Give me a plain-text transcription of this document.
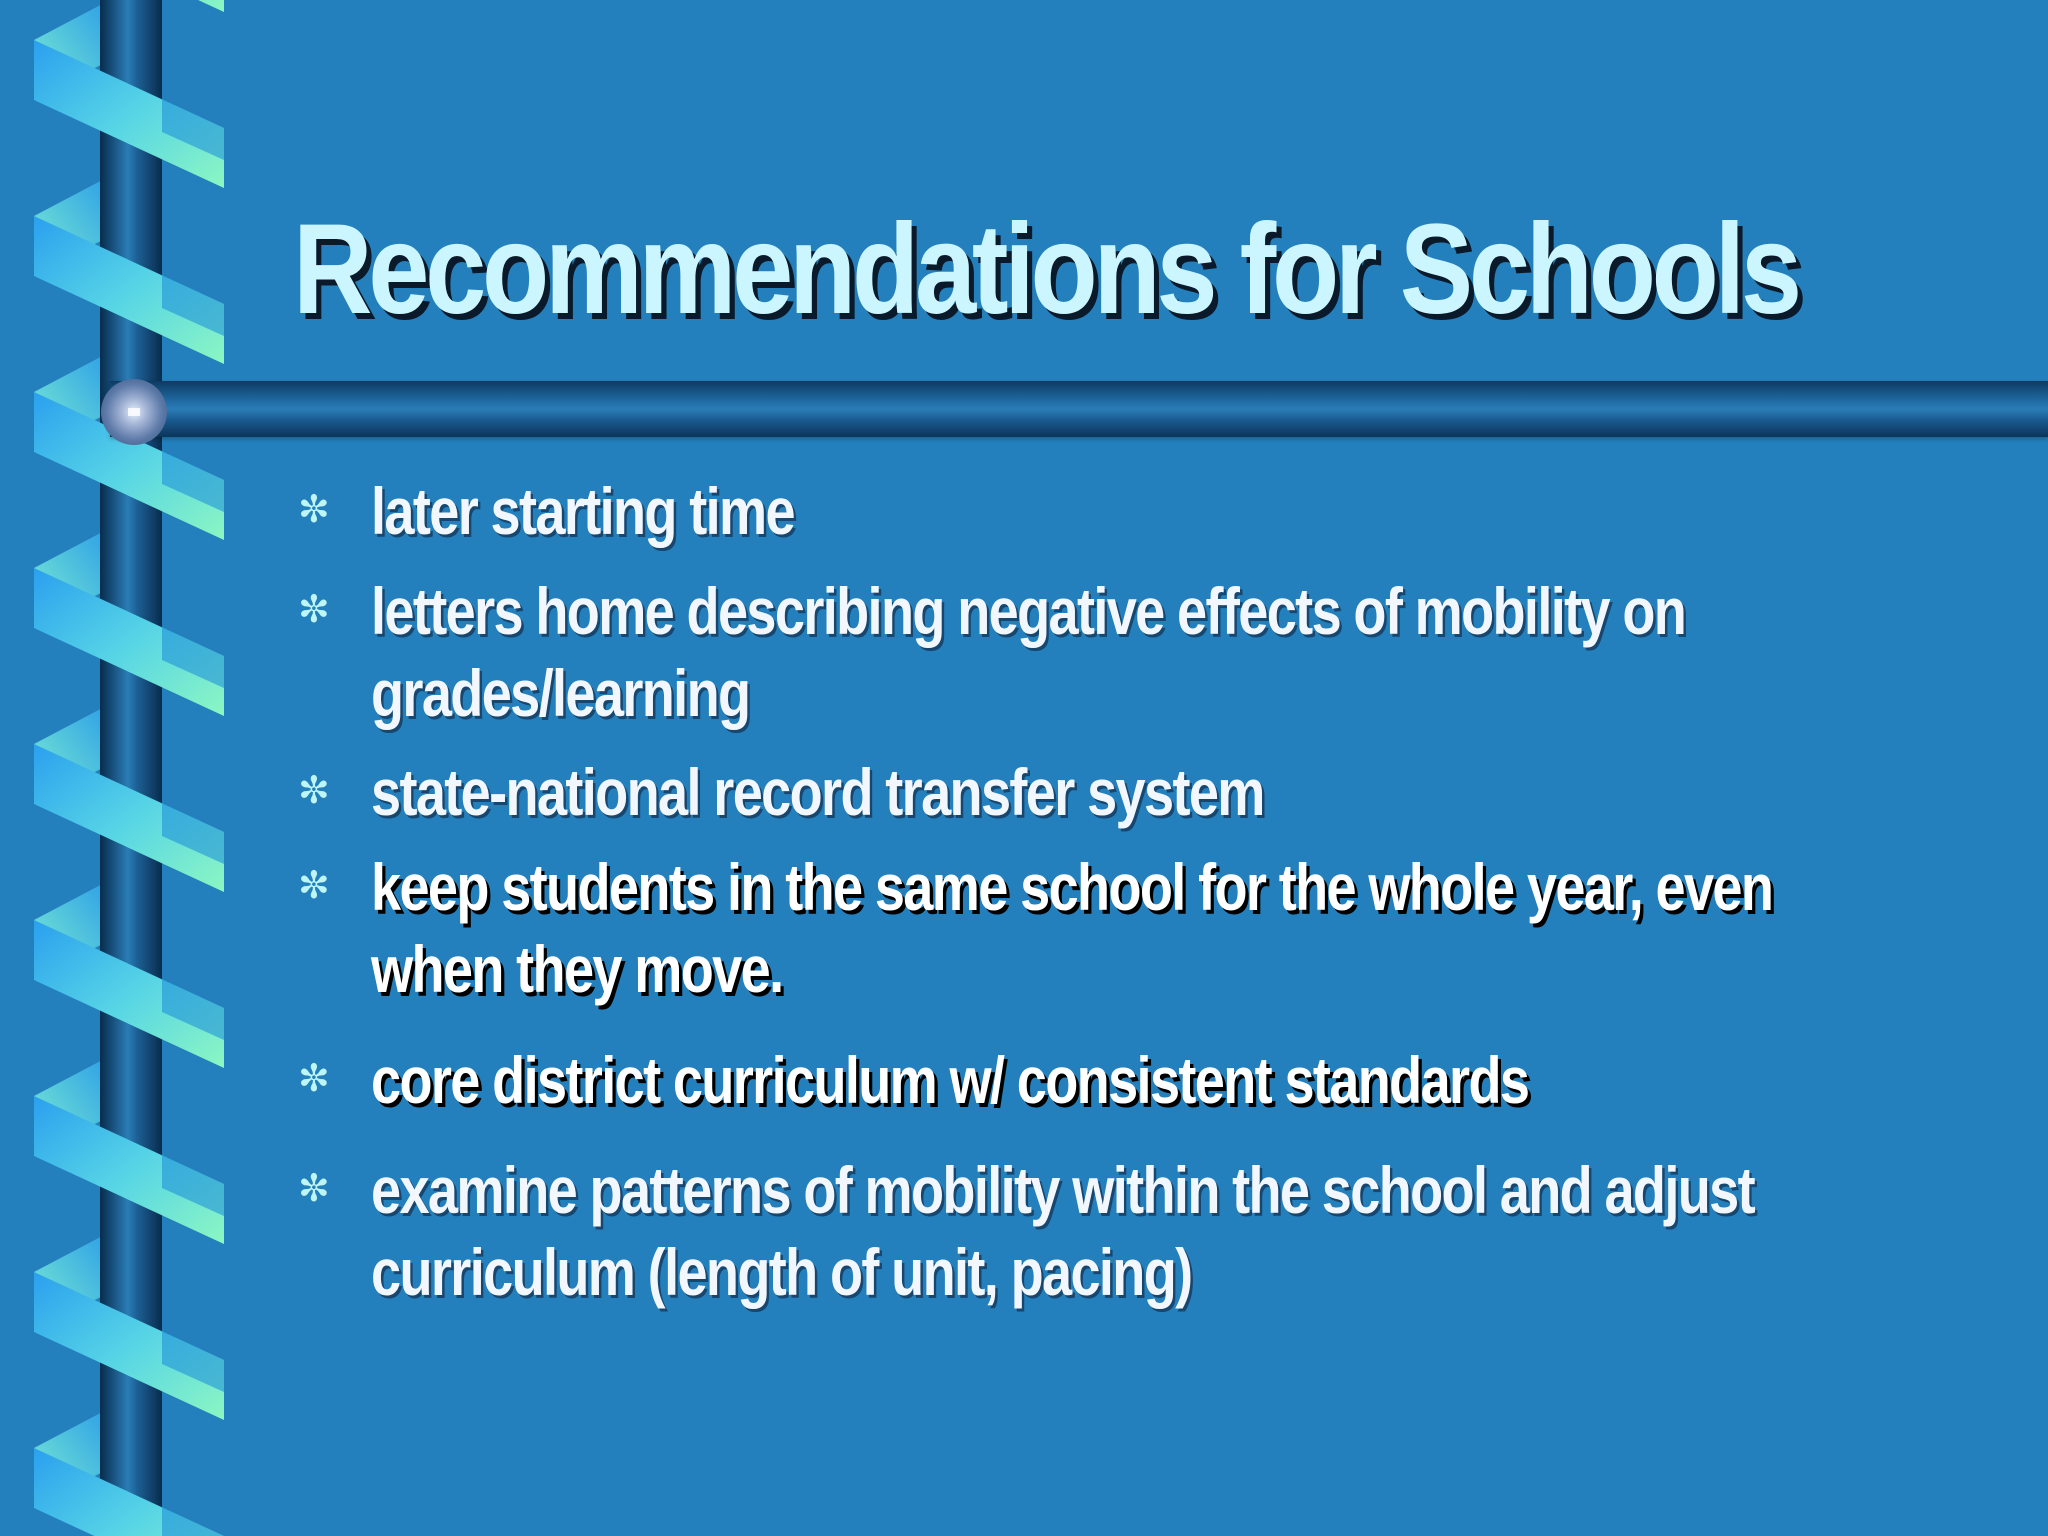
Recommendations for Schools
✼ later starting time

✼ letters home describing negative effects of mobility on

grades/learning

✼ state-national record transfer system

✼ keep students in the same school for the whole year, even

when they move.

✼ core district curriculum w/ consistent standards

✼ examine patterns of mobility within the school and adjust

curriculum (length of unit, pacing)
